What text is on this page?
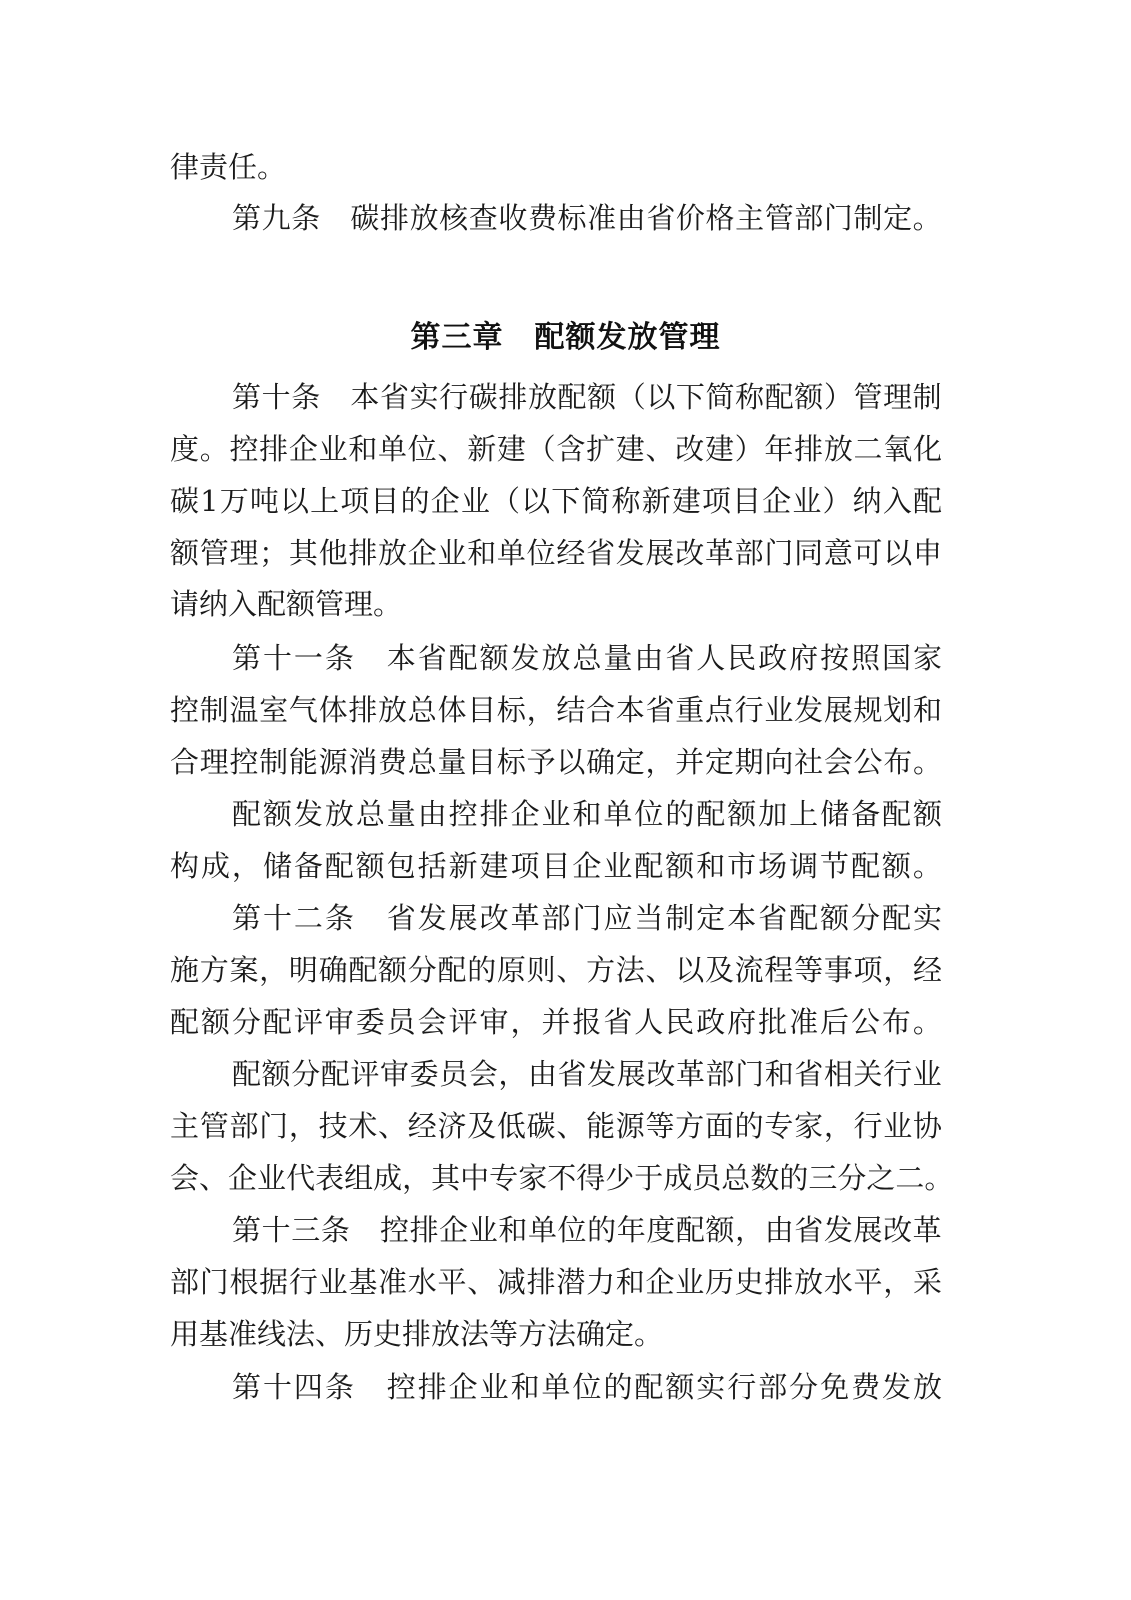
律责任。
第 九 条
　 碳 排 放 核 查 收 费 标 准 由 省 价 格 主 管 部 门 制 定 。
第三章　配额发放管理
第 十 条
　 本 省 实 行 碳 排 放 配 额 （ 以 下 简 称 配 额 ） 管 理 制
度 。 控 排 企 业 和 单 位 、 新 建 （ 含 扩 建 、 改 建 ） 年 排 放 二 氧 化
碳 1 万 吨 以 上 项 目 的 企 业 （ 以 下 简 称 新 建 项 目 企 业 ） 纳 入 配
额 管 理 ； 其 他 排 放 企 业 和 单 位 经 省 发 展 改 革 部 门 同 意 可 以 申
请纳入配额管理。
第 十 一 条
　 本 省 配 额 发 放 总 量 由 省 人 民 政 府 按 照 国 家
控 制 温 室 气 体 排 放 总 体 目 标 ， 结 合 本 省 重 点 行 业 发 展 规 划 和
合 理 控 制 能 源 消 费 总 量 目 标 予 以 确 定 ， 并 定 期 向 社 会 公 布 。
配 额 发 放 总 量 由 控 排 企 业 和 单 位 的 配 额 加 上 储 备 配 额
构 成 ， 储 备 配 额 包 括 新 建 项 目 企 业 配 额 和 市 场 调 节 配 额 。
第 十 二 条
　 省 发 展 改 革 部 门 应 当 制 定 本 省 配 额 分 配 实
施 方 案 ， 明 确 配 额 分 配 的 原 则 、 方 法 、 以 及 流 程 等 事 项 ， 经
配 额 分 配 评 审 委 员 会 评 审 ， 并 报 省 人 民 政 府 批 准 后 公 布 。
配 额 分 配 评 审 委 员 会 ， 由 省 发 展 改 革 部 门 和 省 相 关 行 业
主 管 部 门 ， 技 术 、 经 济 及 低 碳 、 能 源 等 方 面 的 专 家 ， 行 业 协
会 、 企 业 代 表 组 成 ， 其 中 专 家 不 得 少 于 成 员 总 数 的 三 分 之 二 。
第 十 三 条
　 控 排 企 业 和 单 位 的 年 度 配 额 ， 由 省 发 展 改 革
部 门 根 据 行 业 基 准 水 平 、 减 排 潜 力 和 企 业 历 史 排 放 水 平 ， 采
用基准线法、历史排放法等方法确定。
第 十 四 条
　 控 排 企 业 和 单 位 的 配 额 实 行 部 分 免 费 发 放
